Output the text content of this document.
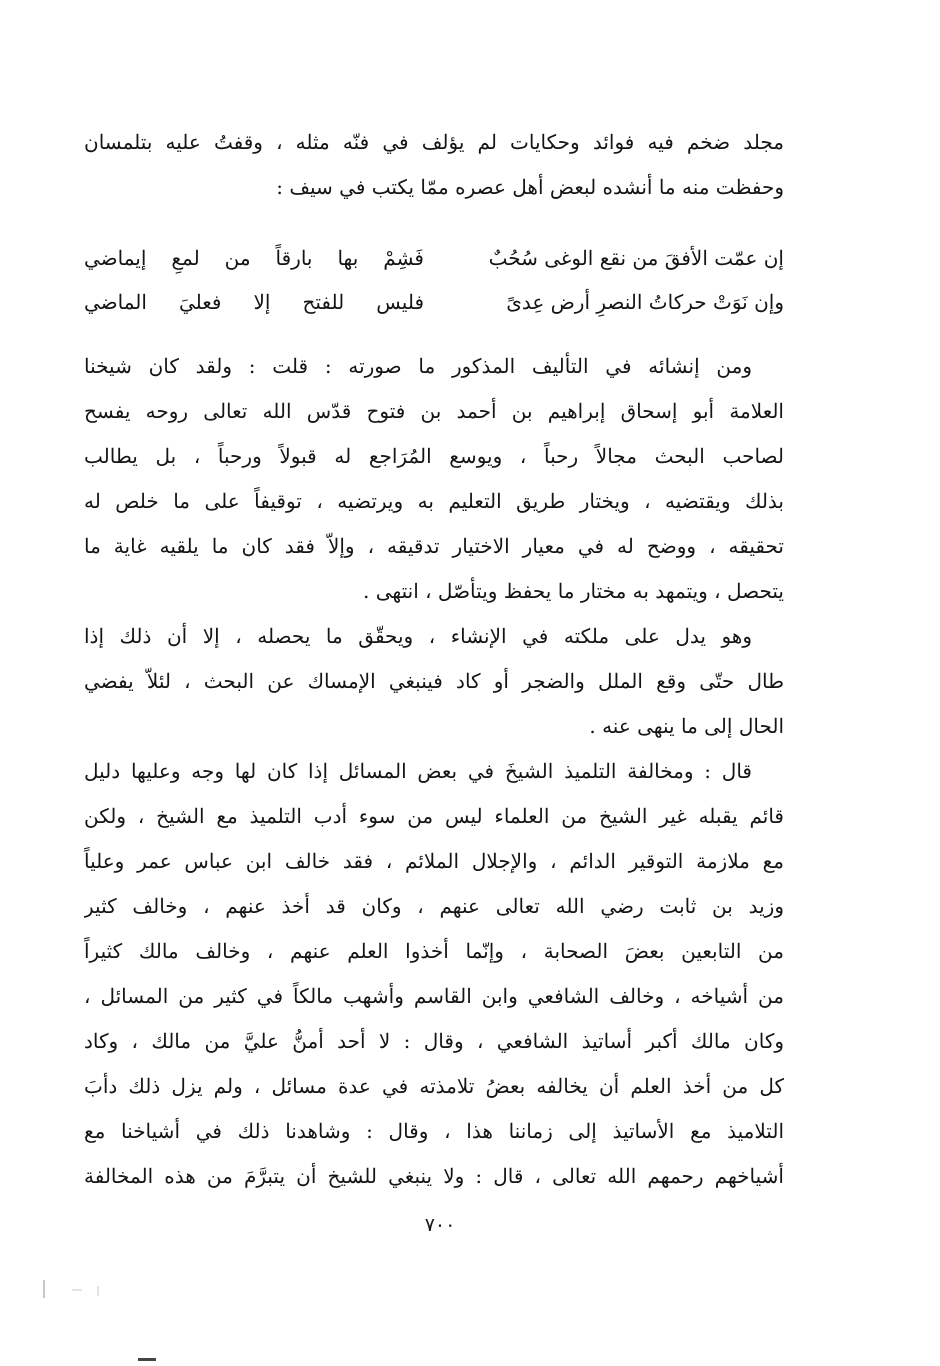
مجلد ضخم فيه فوائد وحكايات لم يؤلف في فنّه مثله ، وقفتُ عليه بتلمسان
وحفظت منه ما أنشده لبعض أهل عصره ممّا يكتب في سيف :
إن عمّت الأفقَ من نقع الوغى سُحُبٌ
فَشِمْ بها بارقاً من لمعِ إيماضي
وإن نَوَتْ حركاتُ النصرِ أرض عِدىً
فليس للفتح إلا فعليَ الماضي
ومن إنشائه في التأليف المذكور ما صورته : قلت : ولقد كان شيخنا
العلامة أبو إسحاق إبراهيم بن أحمد بن فتوح قدّس الله تعالى روحه يفسح
لصاحب البحث مجالاً رحباً ، ويوسع المُرَاجع له قبولاً ورحباً ، بل يطالب
بذلك ويقتضيه ، ويختار طريق التعليم به ويرتضيه ، توقيفاً على ما خلص له
تحقيقه ، ووضح له في معيار الاختيار تدقيقه ، وإلاّ فقد كان ما يلقيه غاية ما
يتحصل ، ويتمهد به مختار ما يحفظ ويتأصّل ، انتهى .
وهو يدل على ملكته في الإنشاء ، ويحقّق ما يحصله ، إلا أن ذلك إذا
طال حتّى وقع الملل والضجر أو كاد فينبغي الإمساك عن البحث ، لئلاّ يفضي
الحال إلى ما ينهى عنه .
قال : ومخالفة التلميذ الشيخَ في بعض المسائل إذا كان لها وجه وعليها دليل
قائم يقبله غير الشيخ من العلماء ليس من سوء أدب التلميذ مع الشيخ ، ولكن
مع ملازمة التوقير الدائم ، والإجلال الملائم ، فقد خالف ابن عباس عمر وعلياً
وزيد بن ثابت رضي الله تعالى عنهم ، وكان قد أخذ عنهم ، وخالف كثير
من التابعين بعضَ الصحابة ، وإنّما أخذوا العلم عنهم ، وخالف مالك كثيراً
من أشياخه ، وخالف الشافعي وابن القاسم وأشهب مالكاً في كثير من المسائل ،
وكان مالك أكبر أساتيذ الشافعي ، وقال : لا أحد أمنُّ عليَّ من مالك ، وكاد
كل من أخذ العلم أن يخالفه بعضُ تلامذته في عدة مسائل ، ولم يزل ذلك دأبَ
التلاميذ مع الأساتيذ إلى زماننا هذا ، وقال : وشاهدنا ذلك في أشياخنا مع
أشياخهم رحمهم الله تعالى ، قال : ولا ينبغي للشيخ أن يتبرَّمَ من هذه المخالفة
٧٠٠
